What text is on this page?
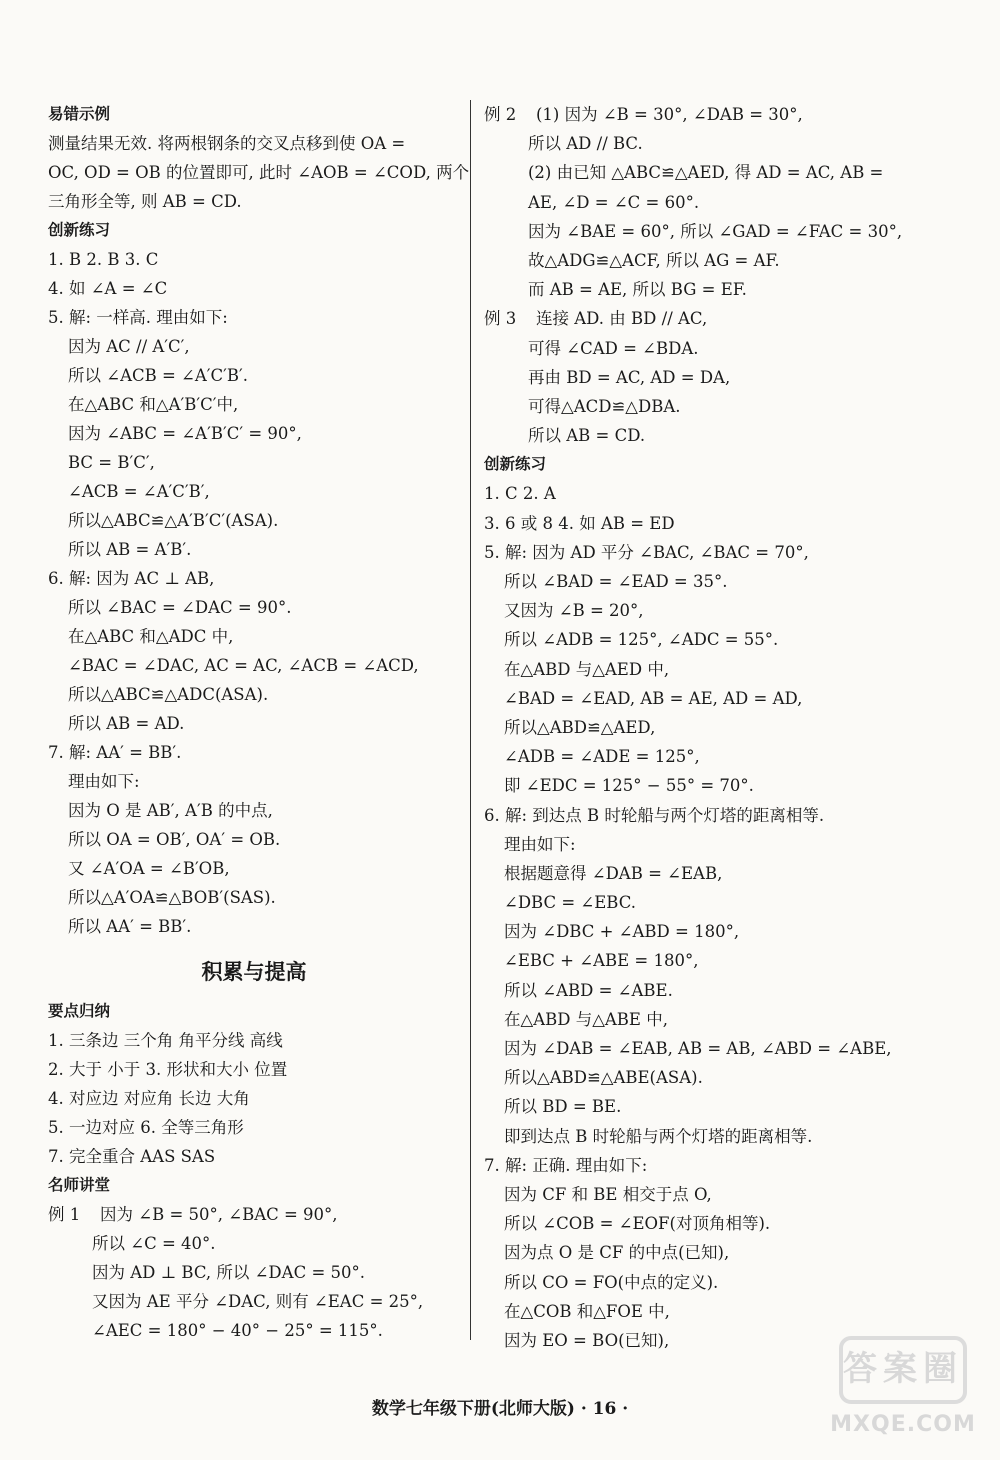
易错示例
测量结果无效. 将两根钢条的交叉点移到使 OA =
OC, OD = OB 的位置即可, 此时 ∠AOB = ∠COD, 两个
三角形全等, 则 AB = CD.
创新练习
1. B 2. B 3. C
4. 如 ∠A = ∠C
5. 解: 一样高. 理由如下:
因为 AC // A′C′,
所以 ∠ACB = ∠A′C′B′.
在△ABC 和△A′B′C′中,
因为 ∠ABC = ∠A′B′C′ = 90°,
BC = B′C′,
∠ACB = ∠A′C′B′,
所以△ABC≌△A′B′C′(ASA).
所以 AB = A′B′.
6. 解: 因为 AC ⊥ AB,
所以 ∠BAC = ∠DAC = 90°.
在△ABC 和△ADC 中,
∠BAC = ∠DAC, AC = AC, ∠ACB = ∠ACD,
所以△ABC≌△ADC(ASA).
所以 AB = AD.
7. 解: AA′ = BB′.
理由如下:
因为 O 是 AB′, A′B 的中点,
所以 OA = OB′, OA′ = OB.
又 ∠A′OA = ∠B′OB,
所以△A′OA≌△BOB′(SAS).
所以 AA′ = BB′.
积累与提高
要点归纳
1. 三条边 三个角 角平分线 高线
2. 大于 小于 3. 形状和大小 位置
4. 对应边 对应角 长边 大角
5. 一边对应 6. 全等三角形
7. 完全重合 AAS SAS
名师讲堂
例 1 因为 ∠B = 50°, ∠BAC = 90°,
所以 ∠C = 40°.
因为 AD ⊥ BC, 所以 ∠DAC = 50°.
又因为 AE 平分 ∠DAC, 则有 ∠EAC = 25°,
∠AEC = 180° − 40° − 25° = 115°.
例 2 (1) 因为 ∠B = 30°, ∠DAB = 30°,
所以 AD // BC.
(2) 由已知 △ABC≌△AED, 得 AD = AC, AB =
AE, ∠D = ∠C = 60°.
因为 ∠BAE = 60°, 所以 ∠GAD = ∠FAC = 30°,
故△ADG≌△ACF, 所以 AG = AF.
而 AB = AE, 所以 BG = EF.
例 3 连接 AD. 由 BD // AC,
可得 ∠CAD = ∠BDA.
再由 BD = AC, AD = DA,
可得△ACD≌△DBA.
所以 AB = CD.
创新练习
1. C 2. A
3. 6 或 8 4. 如 AB = ED
5. 解: 因为 AD 平分 ∠BAC, ∠BAC = 70°,
所以 ∠BAD = ∠EAD = 35°.
又因为 ∠B = 20°,
所以 ∠ADB = 125°, ∠ADC = 55°.
在△ABD 与△AED 中,
∠BAD = ∠EAD, AB = AE, AD = AD,
所以△ABD≌△AED,
∠ADB = ∠ADE = 125°,
即 ∠EDC = 125° − 55° = 70°.
6. 解: 到达点 B 时轮船与两个灯塔的距离相等.
理由如下:
根据题意得 ∠DAB = ∠EAB,
∠DBC = ∠EBC.
因为 ∠DBC + ∠ABD = 180°,
∠EBC + ∠ABE = 180°,
所以 ∠ABD = ∠ABE.
在△ABD 与△ABE 中,
因为 ∠DAB = ∠EAB, AB = AB, ∠ABD = ∠ABE,
所以△ABD≌△ABE(ASA).
所以 BD = BE.
即到达点 B 时轮船与两个灯塔的距离相等.
7. 解: 正确. 理由如下:
因为 CF 和 BE 相交于点 O,
所以 ∠COB = ∠EOF(对顶角相等).
因为点 O 是 CF 的中点(已知),
所以 CO = FO(中点的定义).
在△COB 和△FOE 中,
因为 EO = BO(已知),
数学七年级下册(北师大版) · 16 ·
答案圈
MXQE.COM
